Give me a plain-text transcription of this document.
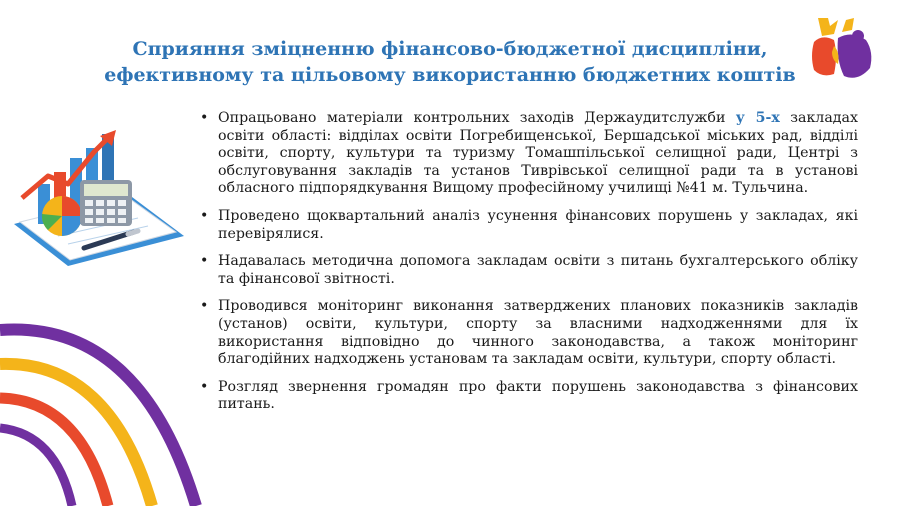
Сприяння зміцненню фінансово-бюджетної дисципліни,
ефективному та цільовому використанню бюджетних коштів
• Опрацьовано матеріали контрольних заходів Держаудитслужби у 5-х закладах освіти області: відділах освіти Погребищенської, Бершадської міських рад, відділі освіти, спорту, культури та туризму Томашпільської селищної ради, Центрі з обслуговування закладів та установ Тиврівської селищної ради та в установі обласного підпорядкування Вищому професійному училищі №41 м. Тульчина.
• Проведено щоквартальний аналіз усунення фінансових порушень у закладах, які перевірялися.
• Надавалась методична допомога закладам освіти з питань бухгалтерського обліку та фінансової звітності.
• Проводився моніторинг виконання затверджених планових показників закладів (установ) освіти, культури, спорту за власними надходженнями для їх використання відповідно до чинного законодавства, а також моніторинг благодійних надходжень установам та закладам освіти, культури, спорту області.
• Розгляд звернення громадян про факти порушень законодавства з фінансових питань.
